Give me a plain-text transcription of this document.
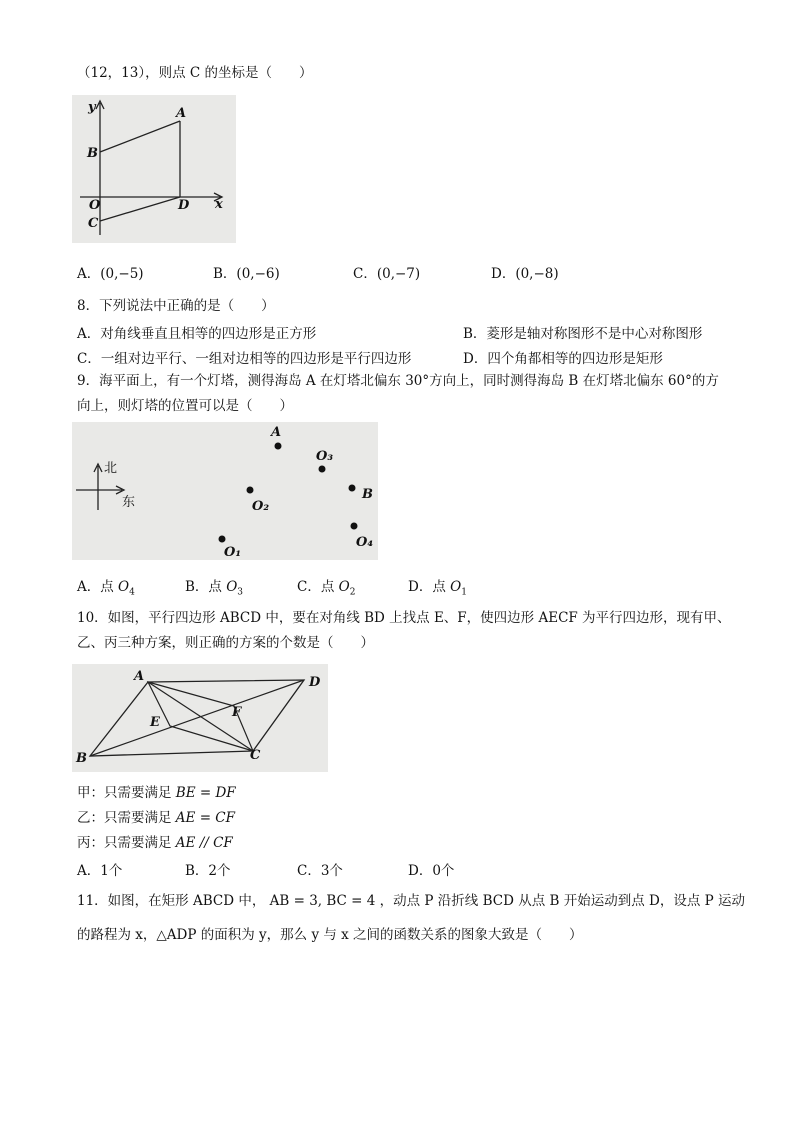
（12，13），则点 C 的坐标是（　　）
y
x
A
B
O	D
C
A．(0,−5)	B．(0,−6)	C．(0,−7)	D．(0,−8)
8．下列说法中正确的是（　　）
A．对角线垂直且相等的四边形是正方形	B．菱形是轴对称图形不是中心对称图形
C．一组对边平行、一组对边相等的四边形是平行四边形	D．四个角都相等的四边形是矩形
9．海平面上，有一个灯塔，测得海岛 A 在灯塔北偏东 30°方向上，同时测得海岛 B 在灯塔北偏东 60°的方
向上，则灯塔的位置可以是（　　）
北
东
A
O₃
B
O₂
O₄
O₁
A．点 $O_4$	B．点 $O_3$	C．点 $O_2$	D．点 $O_1$
10．如图，平行四边形 ABCD 中，要在对角线 BD 上找点 E、F，使四边形 AECF 为平行四边形，现有甲、
乙、丙三种方案，则正确的方案的个数是（　　）
A	D
E
F
B	C
甲：只需要满足 BE = DF
乙：只需要满足 AE = CF
丙：只需要满足 AE // CF
A．1个	B．2个	C．3个	D．0个
11．如图，在矩形 ABCD 中， AB = 3, BC = 4 ，动点 P 沿折线 BCD 从点 B 开始运动到点 D，设点 P 运动
的路程为 x，△ADP 的面积为 y，那么 y 与 x 之间的函数关系的图象大致是（　　）
